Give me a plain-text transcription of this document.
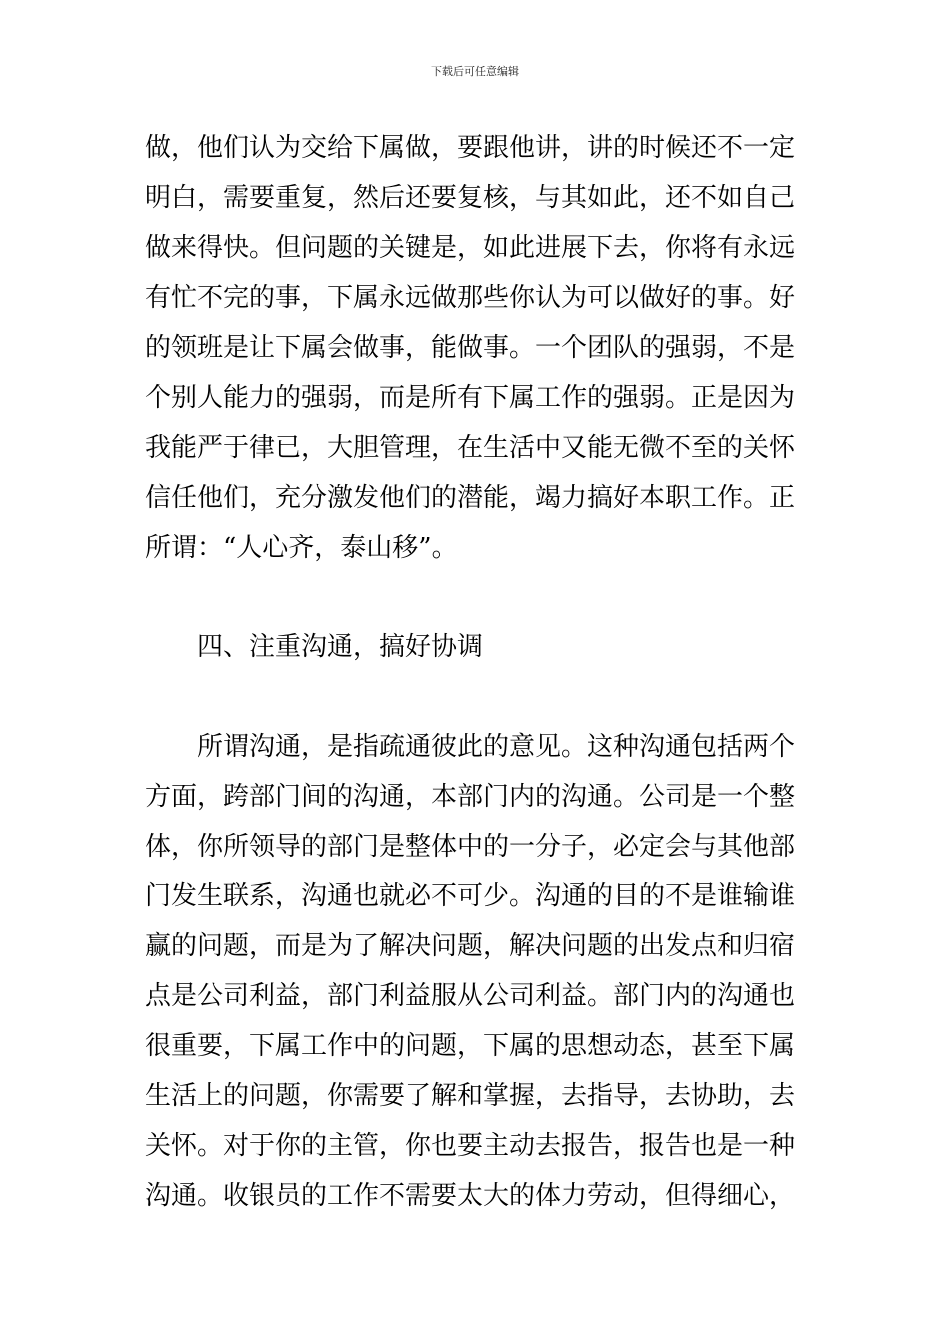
下载后可任意编辑
做，他们认为交给下属做，要跟他讲，讲的时候还不一定
明白，需要重复，然后还要复核，与其如此，还不如自己
做来得快。但问题的关键是，如此进展下去，你将有永远
有忙不完的事，下属永远做那些你认为可以做好的事。好
的领班是让下属会做事，能做事。一个团队的强弱，不是
个别人能力的强弱，而是所有下属工作的强弱。正是因为
我能严于律已，大胆管理，在生活中又能无微不至的关怀
信任他们，充分激发他们的潜能，竭力搞好本职工作。正
所谓：“人心齐，泰山移”。
四、注重沟通，搞好协调
所谓沟通，是指疏通彼此的意见。这种沟通包括两个
方面，跨部门间的沟通，本部门内的沟通。公司是一个整
体，你所领导的部门是整体中的一分子，必定会与其他部
门发生联系，沟通也就必不可少。沟通的目的不是谁输谁
赢的问题，而是为了解决问题，解决问题的出发点和归宿
点是公司利益，部门利益服从公司利益。部门内的沟通也
很重要，下属工作中的问题，下属的思想动态，甚至下属
生活上的问题，你需要了解和掌握，去指导，去协助，去
关怀。对于你的主管，你也要主动去报告，报告也是一种
沟通。收银员的工作不需要太大的体力劳动，但得细心，
